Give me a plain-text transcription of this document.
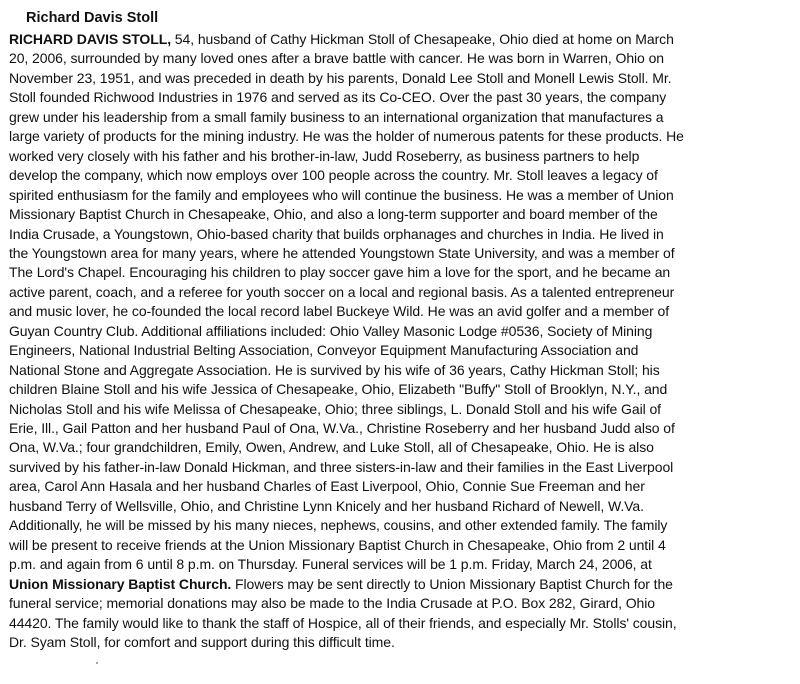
Richard Davis Stoll
RICHARD DAVIS STOLL, 54, husband of Cathy Hickman Stoll of Chesapeake, Ohio died at home on March
20, 2006, surrounded by many loved ones after a brave battle with cancer. He was born in Warren, Ohio on
November 23, 1951, and was preceded in death by his parents, Donald Lee Stoll and Monell Lewis Stoll. Mr.
Stoll founded Richwood Industries in 1976 and served as its Co-CEO. Over the past 30 years, the company
grew under his leadership from a small family business to an international organization that manufactures a
large variety of products for the mining industry. He was the holder of numerous patents for these products. He
worked very closely with his father and his brother-in-law, Judd Roseberry, as business partners to help
develop the company, which now employs over 100 people across the country. Mr. Stoll leaves a legacy of
spirited enthusiasm for the family and employees who will continue the business. He was a member of Union
Missionary Baptist Church in Chesapeake, Ohio, and also a long-term supporter and board member of the
India Crusade, a Youngstown, Ohio-based charity that builds orphanages and churches in India. He lived in
the Youngstown area for many years, where he attended Youngstown State University, and was a member of
The Lord's Chapel. Encouraging his children to play soccer gave him a love for the sport, and he became an
active parent, coach, and a referee for youth soccer on a local and regional basis. As a talented entrepreneur
and music lover, he co-founded the local record label Buckeye Wild. He was an avid golfer and a member of
Guyan Country Club. Additional affiliations included: Ohio Valley Masonic Lodge #0536, Society of Mining
Engineers, National Industrial Belting Association, Conveyor Equipment Manufacturing Association and
National Stone and Aggregate Association. He is survived by his wife of 36 years, Cathy Hickman Stoll; his
children Blaine Stoll and his wife Jessica of Chesapeake, Ohio, Elizabeth "Buffy" Stoll of Brooklyn, N.Y., and
Nicholas Stoll and his wife Melissa of Chesapeake, Ohio; three siblings, L. Donald Stoll and his wife Gail of
Erie, Ill., Gail Patton and her husband Paul of Ona, W.Va., Christine Roseberry and her husband Judd also of
Ona, W.Va.; four grandchildren, Emily, Owen, Andrew, and Luke Stoll, all of Chesapeake, Ohio. He is also
survived by his father-in-law Donald Hickman, and three sisters-in-law and their families in the East Liverpool
area, Carol Ann Hasala and her husband Charles of East Liverpool, Ohio, Connie Sue Freeman and her
husband Terry of Wellsville, Ohio, and Christine Lynn Knicely and her husband Richard of Newell, W.Va.
Additionally, he will be missed by his many nieces, nephews, cousins, and other extended family. The family
will be present to receive friends at the Union Missionary Baptist Church in Chesapeake, Ohio from 2 until 4
p.m. and again from 6 until 8 p.m. on Thursday. Funeral services will be 1 p.m. Friday, March 24, 2006, at
Union Missionary Baptist Church. Flowers may be sent directly to Union Missionary Baptist Church for the
funeral service; memorial donations may also be made to the India Crusade at P.O. Box 282, Girard, Ohio
44420. The family would like to thank the staff of Hospice, all of their friends, and especially Mr. Stolls' cousin,
Dr. Syam Stoll, for comfort and support during this difficult time.
